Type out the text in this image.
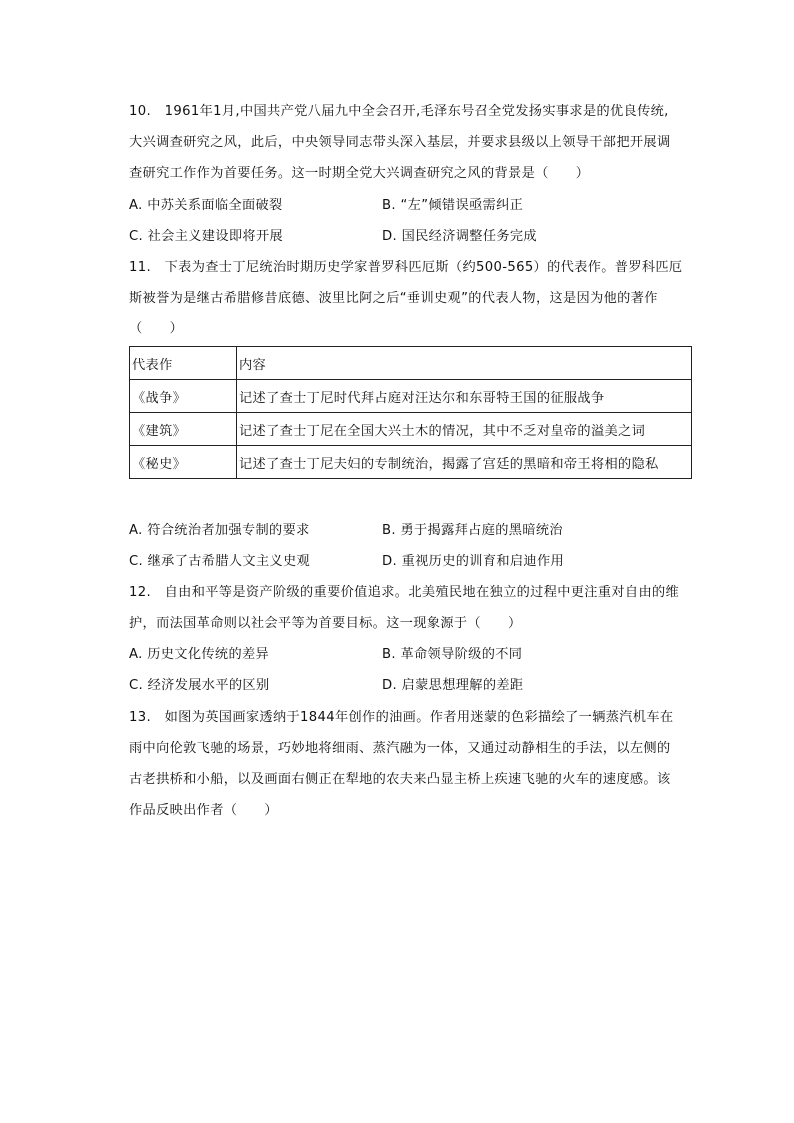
10.   1961年1月,中国共产党八届九中全会召开,毛泽东号召全党发扬实事求是的优良传统,
大兴调查研究之风，此后，中央领导同志带头深入基层，并要求县级以上领导干部把开展调
查研究工作作为首要任务。这一时期全党大兴调查研究之风的背景是（　　）
A. 中苏关系面临全面破裂	B. “左”倾错误亟需纠正
C. 社会主义建设即将开展	D. 国民经济调整任务完成
11.   下表为查士丁尼统治时期历史学家普罗科匹厄斯（约500-565）的代表作。普罗科匹厄
斯被誉为是继古希腊修昔底德、波里比阿之后“垂训史观”的代表人物，这是因为他的著作
（　　）
代表作	内容
《战争》	记述了查士丁尼时代拜占庭对汪达尔和东哥特王国的征服战争
《建筑》	记述了查士丁尼在全国大兴土木的情况，其中不乏对皇帝的溢美之词
《秘史》	记述了查士丁尼夫妇的专制统治，揭露了宫廷的黑暗和帝王将相的隐私
A. 符合统治者加强专制的要求	B. 勇于揭露拜占庭的黑暗统治
C. 继承了古希腊人文主义史观	D. 重视历史的训育和启迪作用
12.   自由和平等是资产阶级的重要价值追求。北美殖民地在独立的过程中更注重对自由的维
护，而法国革命则以社会平等为首要目标。这一现象源于（　　）
A. 历史文化传统的差异	B. 革命领导阶级的不同
C. 经济发展水平的区别	D. 启蒙思想理解的差距
13.   如图为英国画家透纳于1844年创作的油画。作者用迷蒙的色彩描绘了一辆蒸汽机车在
雨中向伦敦飞驰的场景，巧妙地将细雨、蒸汽融为一体，又通过动静相生的手法，以左侧的
古老拱桥和小船，以及画面右侧正在犁地的农夫来凸显主桥上疾速飞驰的火车的速度感。该
作品反映出作者（　　）
